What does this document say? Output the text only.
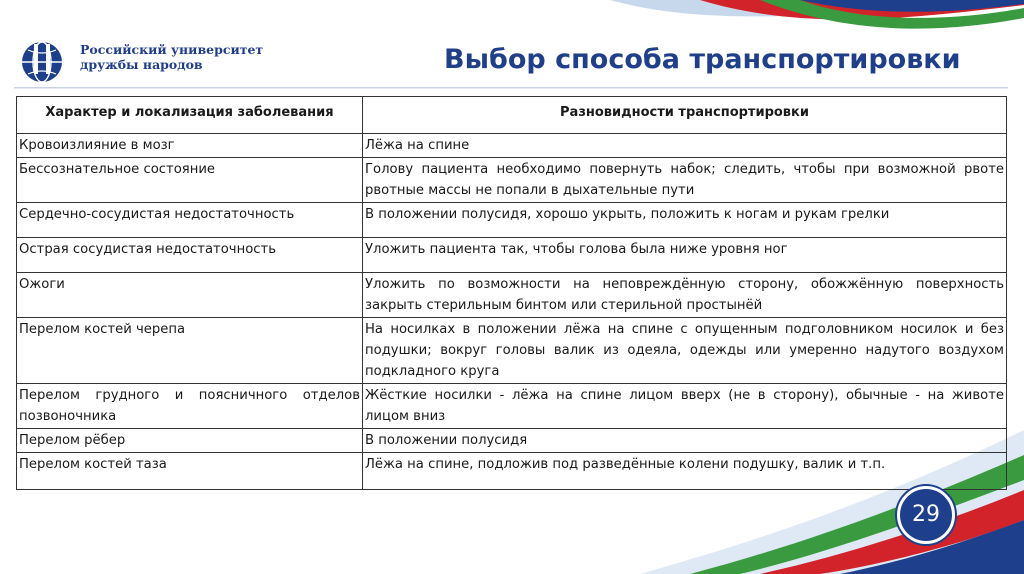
Российский университет
дружбы народов	Выбор способа транспортировки
Характер и локализация заболевания	Разновидности транспортировки
Кровоизлияние в мозг	Лёжа на спине
Бессознательное состояние	Голову пациента необходимо повернуть набок; следить, чтобы при возможной рвоте рвотные массы не попали в дыхательные пути
Сердечно-сосудистая недостаточность	В положении полусидя, хорошо укрыть, положить к ногам и рукам грелки
Острая сосудистая недостаточность	Уложить пациента так, чтобы голова была ниже уровня ног
Ожоги	Уложить по возможности на неповреждённую сторону, обожжённую поверхность закрыть стерильным бинтом или стерильной простынёй
Перелом костей черепа	На носилках в положении лёжа на спине с опущенным подголовником носилок и без подушки; вокруг головы валик из одеяла, одежды или умеренно надутого воздухом подкладного круга
Перелом грудного и поясничного отделов позвоночника	Жёсткие носилки - лёжа на спине лицом вверх (не в сторону), обычные - на животе лицом вниз
Перелом рёбер	В положении полусидя
Перелом костей таза	Лёжа на спине, подложив под разведённые колени подушку, валик и т.п.
29
